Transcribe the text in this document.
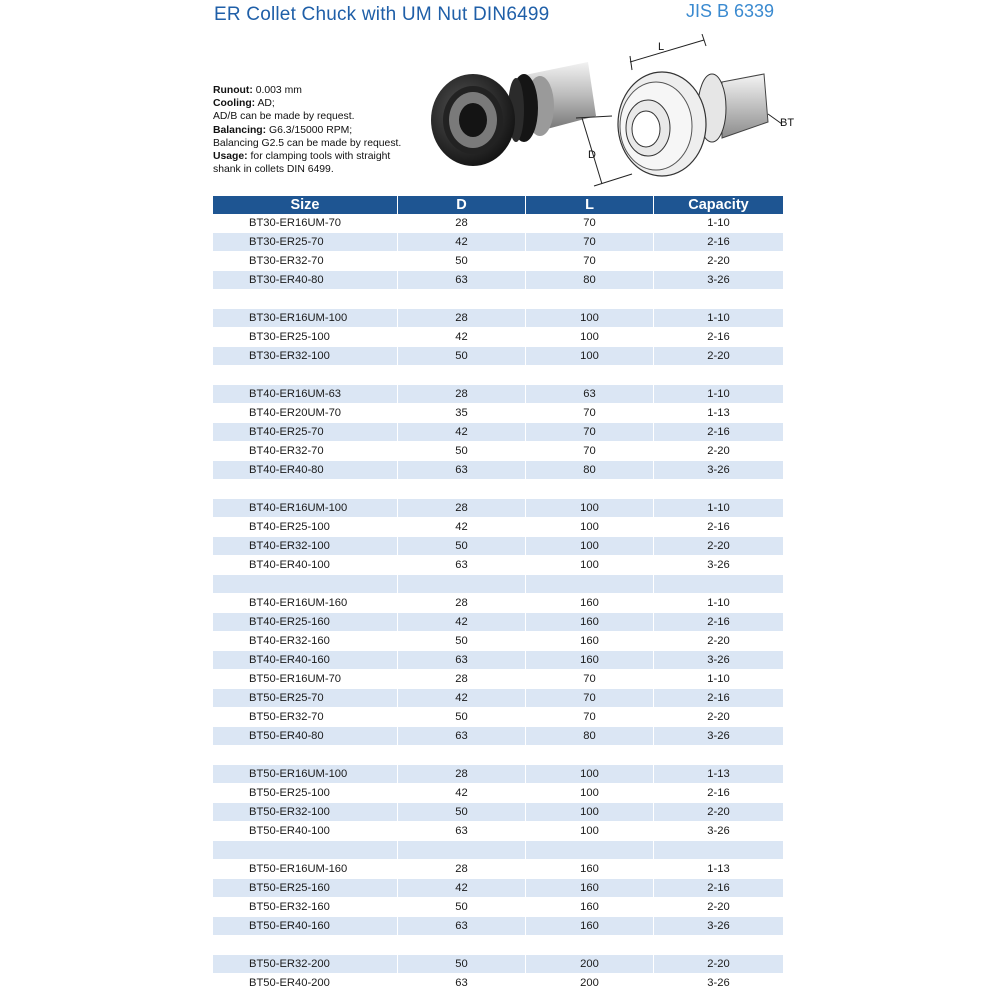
ER Collet Chuck with UM Nut DIN6499	JIS B 6339
Runout: 0.003 mm
Cooling: AD;
AD/B can be made by request.
Balancing: G6.3/15000 RPM;
Balancing G2.5 can be made by request.
Usage: for clamping tools with straight
shank in collets DIN 6499.
L
D
BT
Size	D	L	Capacity
BT30-ER16UM-70	28	70	1-10
BT30-ER25-70	42	70	2-16
BT30-ER32-70	50	70	2-20
BT30-ER40-80	63	80	3-26

BT30-ER16UM-100	28	100	1-10
BT30-ER25-100	42	100	2-16
BT30-ER32-100	50	100	2-20

BT40-ER16UM-63	28	63	1-10
BT40-ER20UM-70	35	70	1-13
BT40-ER25-70	42	70	2-16
BT40-ER32-70	50	70	2-20
BT40-ER40-80	63	80	3-26

BT40-ER16UM-100	28	100	1-10
BT40-ER25-100	42	100	2-16
BT40-ER32-100	50	100	2-20
BT40-ER40-100	63	100	3-26

BT40-ER16UM-160	28	160	1-10
BT40-ER25-160	42	160	2-16
BT40-ER32-160	50	160	2-20
BT40-ER40-160	63	160	3-26
BT50-ER16UM-70	28	70	1-10
BT50-ER25-70	42	70	2-16
BT50-ER32-70	50	70	2-20
BT50-ER40-80	63	80	3-26

BT50-ER16UM-100	28	100	1-13
BT50-ER25-100	42	100	2-16
BT50-ER32-100	50	100	2-20
BT50-ER40-100	63	100	3-26

BT50-ER16UM-160	28	160	1-13
BT50-ER25-160	42	160	2-16
BT50-ER32-160	50	160	2-20
BT50-ER40-160	63	160	3-26

BT50-ER32-200	50	200	2-20
BT50-ER40-200	63	200	3-26
